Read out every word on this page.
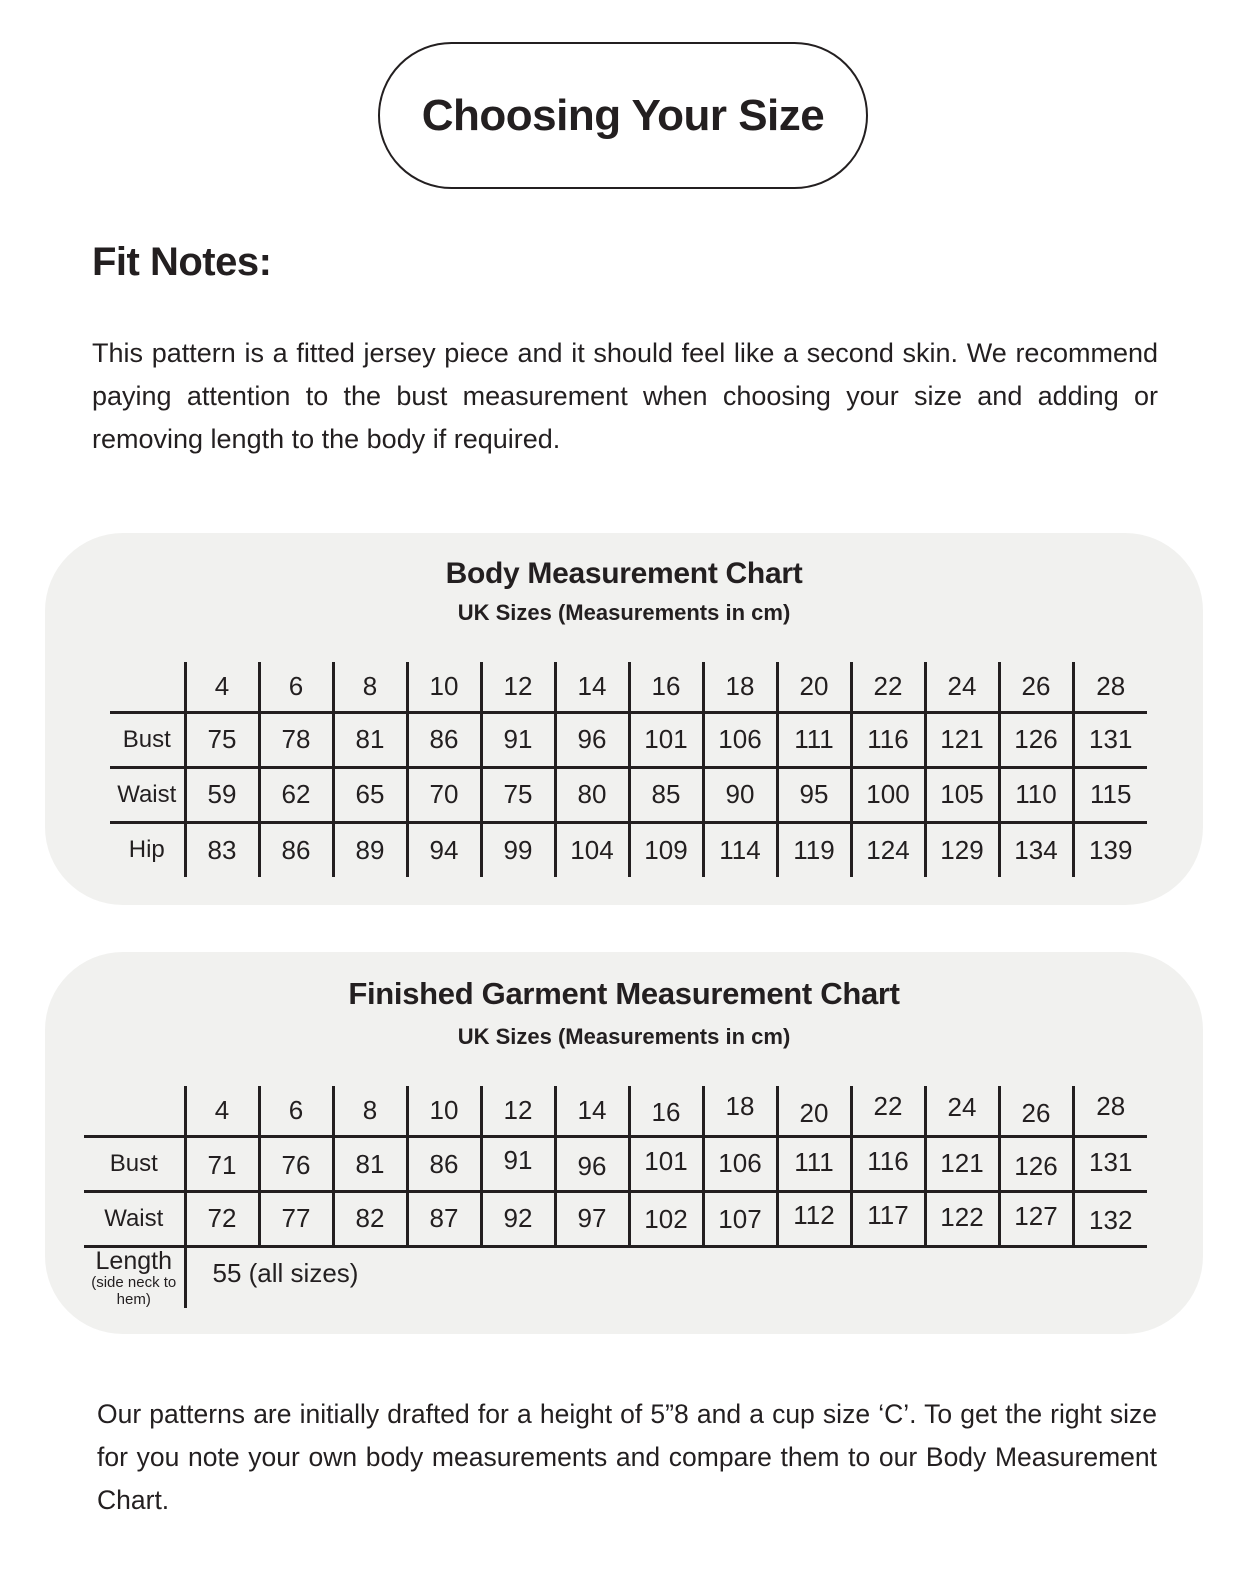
Choosing Your Size
Fit Notes:

This pattern is a fitted jersey piece and it should feel like a second skin. We recommend paying attention to the bust measurement when choosing your size and adding or removing length to the body if required.

Body Measurement Chart
UK Sizes (Measurements in cm)
	4	6	8	10	12	14	16	18	20	22	24	26	28
Bust	75	78	81	86	91	96	101	106	111	116	121	126	131
Waist	59	62	65	70	75	80	85	90	95	100	105	110	115
Hip	83	86	89	94	99	104	109	114	119	124	129	134	139
Finished Garment Measurement Chart
UK Sizes (Measurements in cm)
	4	6	8	10	12	14	16	18	20	22	24	26	28
Bust	71	76	81	86	91	96	101	106	111	116	121	126	131
Waist	72	77	82	87	92	97	102	107	112	117	122	127	132

Length
(side neck to hem)	55 (all sizes)												

Our patterns are initially drafted for a height of 5”8 and a cup size ‘C’. To get the right size for you note your own body measurements and compare them to our Body Measurement Chart.
